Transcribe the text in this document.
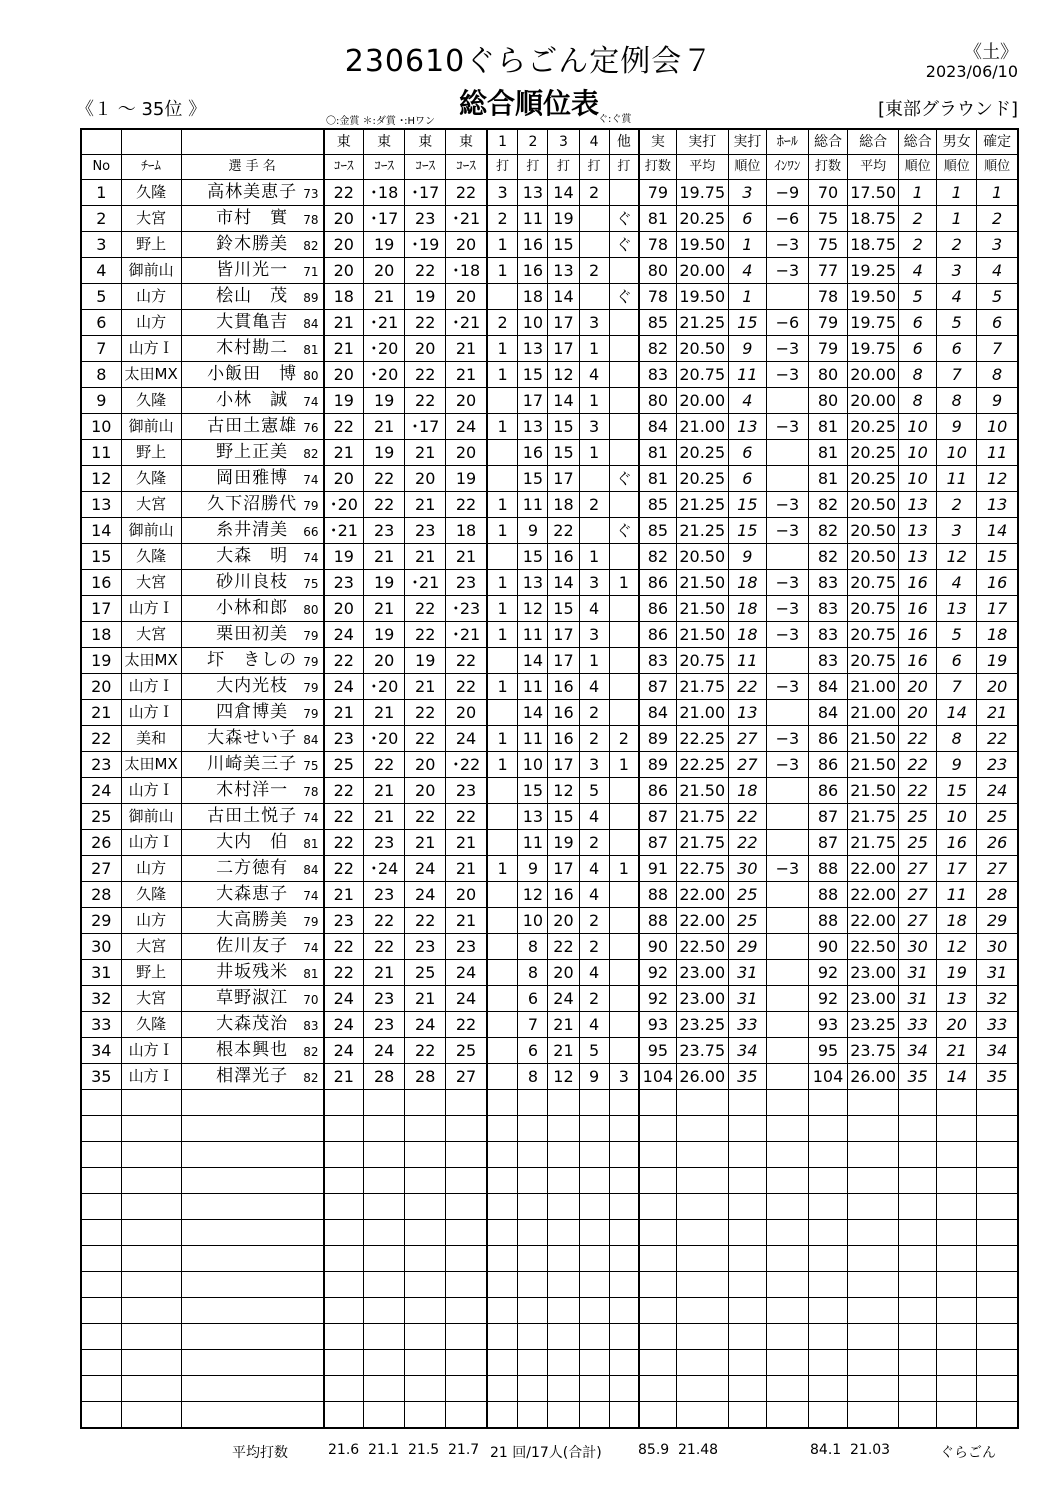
230610ぐらごん定例会７	《土》
2023/06/10
《１ ～ 35位 》	総合順位表	[東部グラウンド]
〇:金賞 ＊:ダ賞 ･:Hワン	ぐ:ぐ賞
			東	東	東	東	1	2	3	4	他	実	実打	実打	ﾎｰﾙ	総合	総合	総合	男女	確定
No	ﾁｰﾑ	選 手 名	ｺｰｽ	ｺｰｽ	ｺｰｽ	ｺｰｽ	打	打	打	打	打	打数	平均	順位	ｲﾝﾜﾝ	打数	平均	順位	順位	順位
1	久隆	高林美恵子 73	22	･18	･17	22	3	13	14	2		79	19.75	3	−9	70	17.50	1	1	1
2	大宮	市村　實 78	20	･17	23	･21	2	11	19		ぐ	81	20.25	6	−6	75	18.75	2	1	2
3	野上	鈴木勝美 82	20	19	･19	20	1	16	15		ぐ	78	19.50	1	−3	75	18.75	2	2	3
4	御前山	皆川光一 71	20	20	22	･18	1	16	13	2		80	20.00	4	−3	77	19.25	4	3	4
5	山方	桧山　茂 89	18	21	19	20		18	14		ぐ	78	19.50	1		78	19.50	5	4	5
6	山方	大貫亀吉 84	21	･21	22	･21	2	10	17	3		85	21.25	15	−6	79	19.75	6	5	6
7	山方Ｉ	木村勘二 81	21	･20	20	21	1	13	17	1		82	20.50	9	−3	79	19.75	6	6	7
8	太田MX	小飯田　博 80	20	･20	22	21	1	15	12	4		83	20.75	11	−3	80	20.00	8	7	8
9	久隆	小林　誠 74	19	19	22	20		17	14	1		80	20.00	4		80	20.00	8	8	9
10	御前山	古田土憲雄 76	22	21	･17	24	1	13	15	3		84	21.00	13	−3	81	20.25	10	9	10
11	野上	野上正美 82	21	19	21	20		16	15	1		81	20.25	6		81	20.25	10	10	11
12	久隆	岡田雅博 74	20	22	20	19		15	17		ぐ	81	20.25	6		81	20.25	10	11	12
13	大宮	久下沼勝代 79	･20	22	21	22	1	11	18	2		85	21.25	15	−3	82	20.50	13	2	13
14	御前山	糸井清美 66	･21	23	23	18	1	9	22		ぐ	85	21.25	15	−3	82	20.50	13	3	14
15	久隆	大森　明 74	19	21	21	21		15	16	1		82	20.50	9		82	20.50	13	12	15
16	大宮	砂川良枝 75	23	19	･21	23	1	13	14	3	1	86	21.50	18	−3	83	20.75	16	4	16
17	山方Ｉ	小林和郎 80	20	21	22	･23	1	12	15	4		86	21.50	18	−3	83	20.75	16	13	17
18	大宮	栗田初美 79	24	19	22	･21	1	11	17	3		86	21.50	18	−3	83	20.75	16	5	18
19	太田MX	圷　きしの 79	22	20	19	22		14	17	1		83	20.75	11		83	20.75	16	6	19
20	山方Ｉ	大内光枝 79	24	･20	21	22	1	11	16	4		87	21.75	22	−3	84	21.00	20	7	20
21	山方Ｉ	四倉博美 79	21	21	22	20		14	16	2		84	21.00	13		84	21.00	20	14	21
22	美和	大森せい子 84	23	･20	22	24	1	11	16	2	2	89	22.25	27	−3	86	21.50	22	8	22
23	太田MX	川崎美三子 75	25	22	20	･22	1	10	17	3	1	89	22.25	27	−3	86	21.50	22	9	23
24	山方Ｉ	木村洋一 78	22	21	20	23		15	12	5		86	21.50	18		86	21.50	22	15	24
25	御前山	古田土悦子 74	22	21	22	22		13	15	4		87	21.75	22		87	21.75	25	10	25
26	山方Ｉ	大内　伯 81	22	23	21	21		11	19	2		87	21.75	22		87	21.75	25	16	26
27	山方	二方徳有 84	22	･24	24	21	1	9	17	4	1	91	22.75	30	−3	88	22.00	27	17	27
28	久隆	大森恵子 74	21	23	24	20		12	16	4		88	22.00	25		88	22.00	27	11	28
29	山方	大高勝美 79	23	22	22	21		10	20	2		88	22.00	25		88	22.00	27	18	29
30	大宮	佐川友子 74	22	22	23	23		8	22	2		90	22.50	29		90	22.50	30	12	30
31	野上	井坂残米 81	22	21	25	24		8	20	4		92	23.00	31		92	23.00	31	19	31
32	大宮	草野淑江 70	24	23	21	24		6	24	2		92	23.00	31		92	23.00	31	13	32
33	久隆	大森茂治 83	24	23	24	22		7	21	4		93	23.25	33		93	23.25	33	20	33
34	山方Ｉ	根本興也 82	24	24	22	25		6	21	5		95	23.75	34		95	23.75	34	21	34
35	山方Ｉ	相澤光子 82	21	28	28	27		8	12	9	3	104	26.00	35		104	26.00	35	14	35

平均打数	21.6 21.1 21.5 21.7 21 回/17人(合計)	85.9 21.48	84.1 21.03	ぐらごん
